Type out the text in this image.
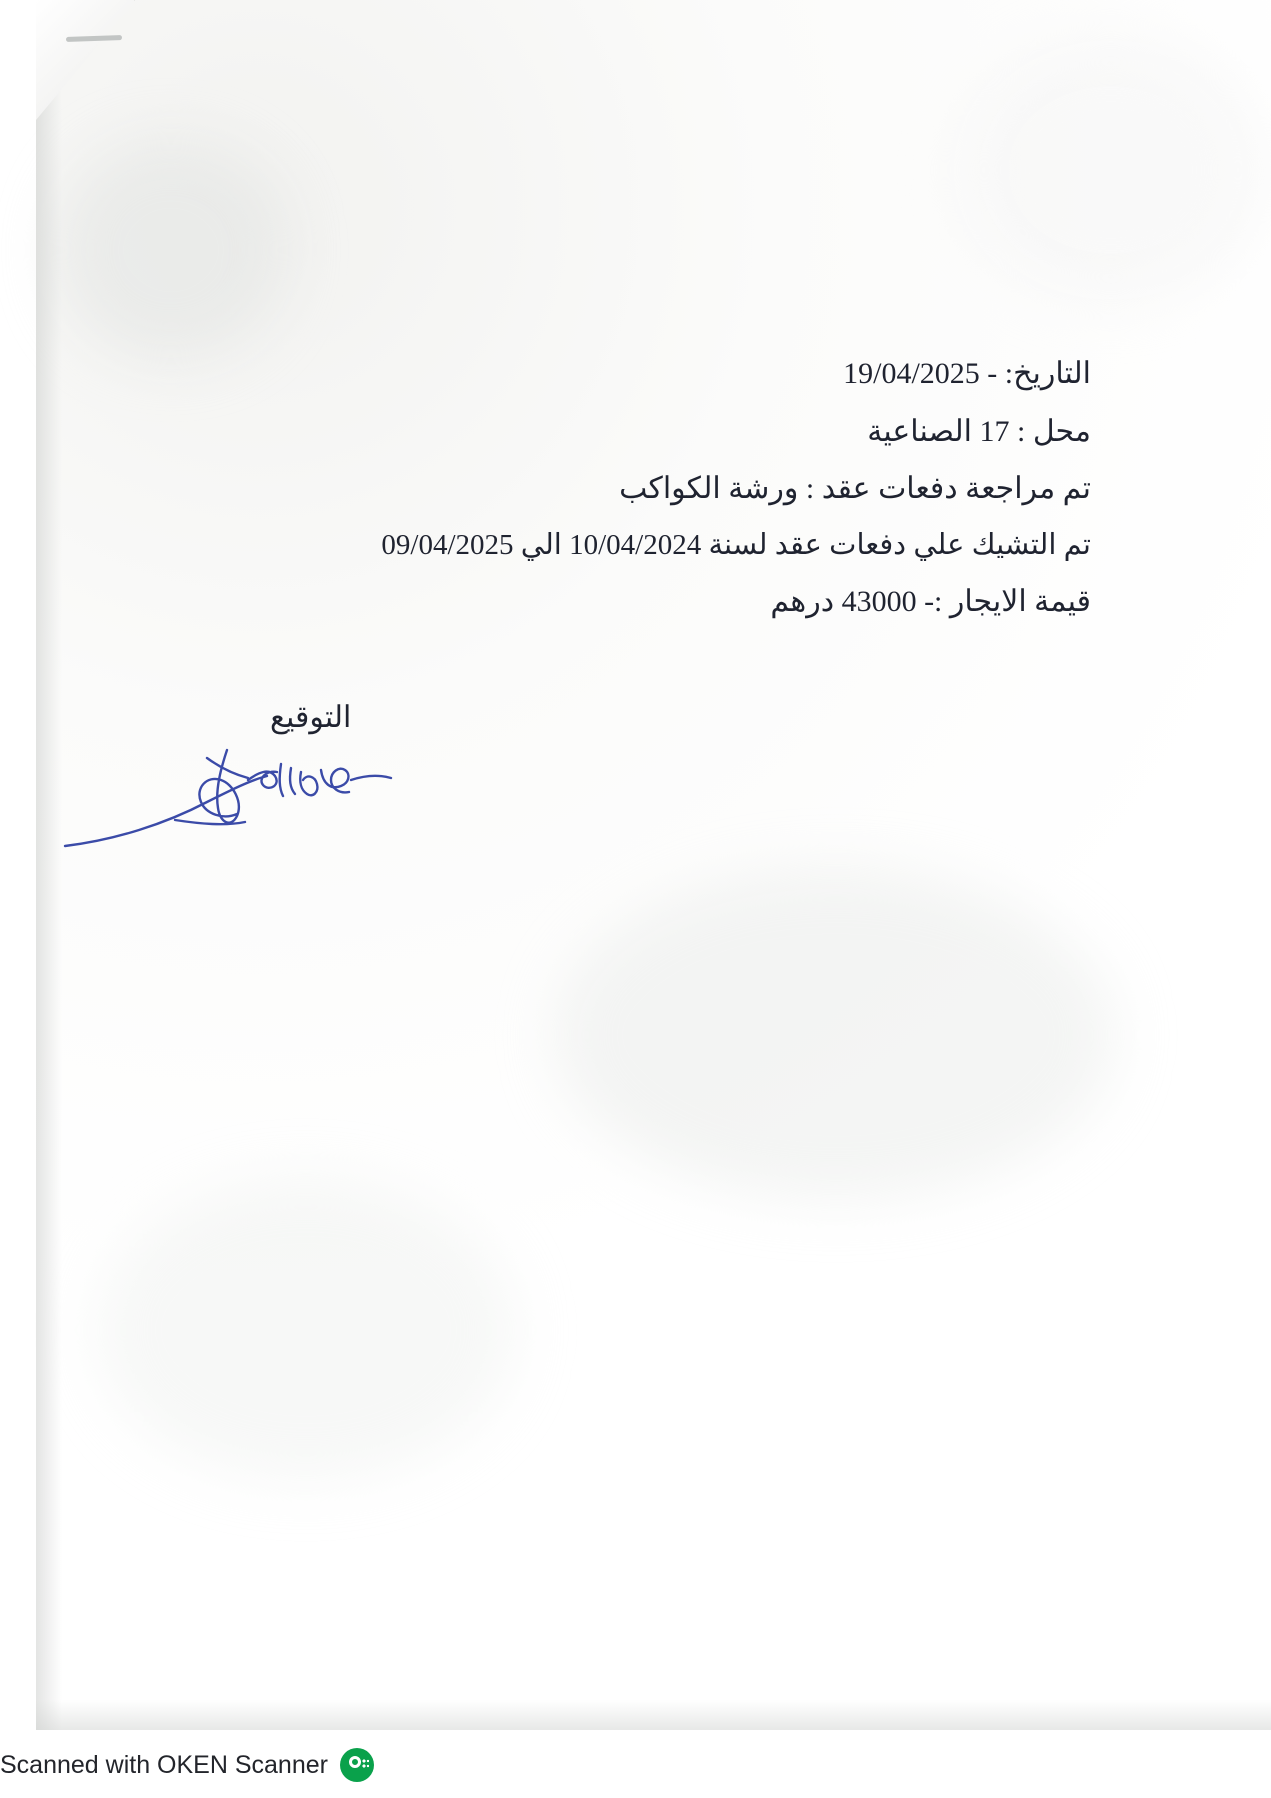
التاريخ: - 19/04/2025
محل : 17 الصناعية
تم مراجعة دفعات عقد : ورشة الكواكب
تم التشيك علي دفعات عقد لسنة 10/04/2024 الي 09/04/2025
قيمة الايجار :- 43000 درهم
التوقيع
Scanned with OKEN Scanner
